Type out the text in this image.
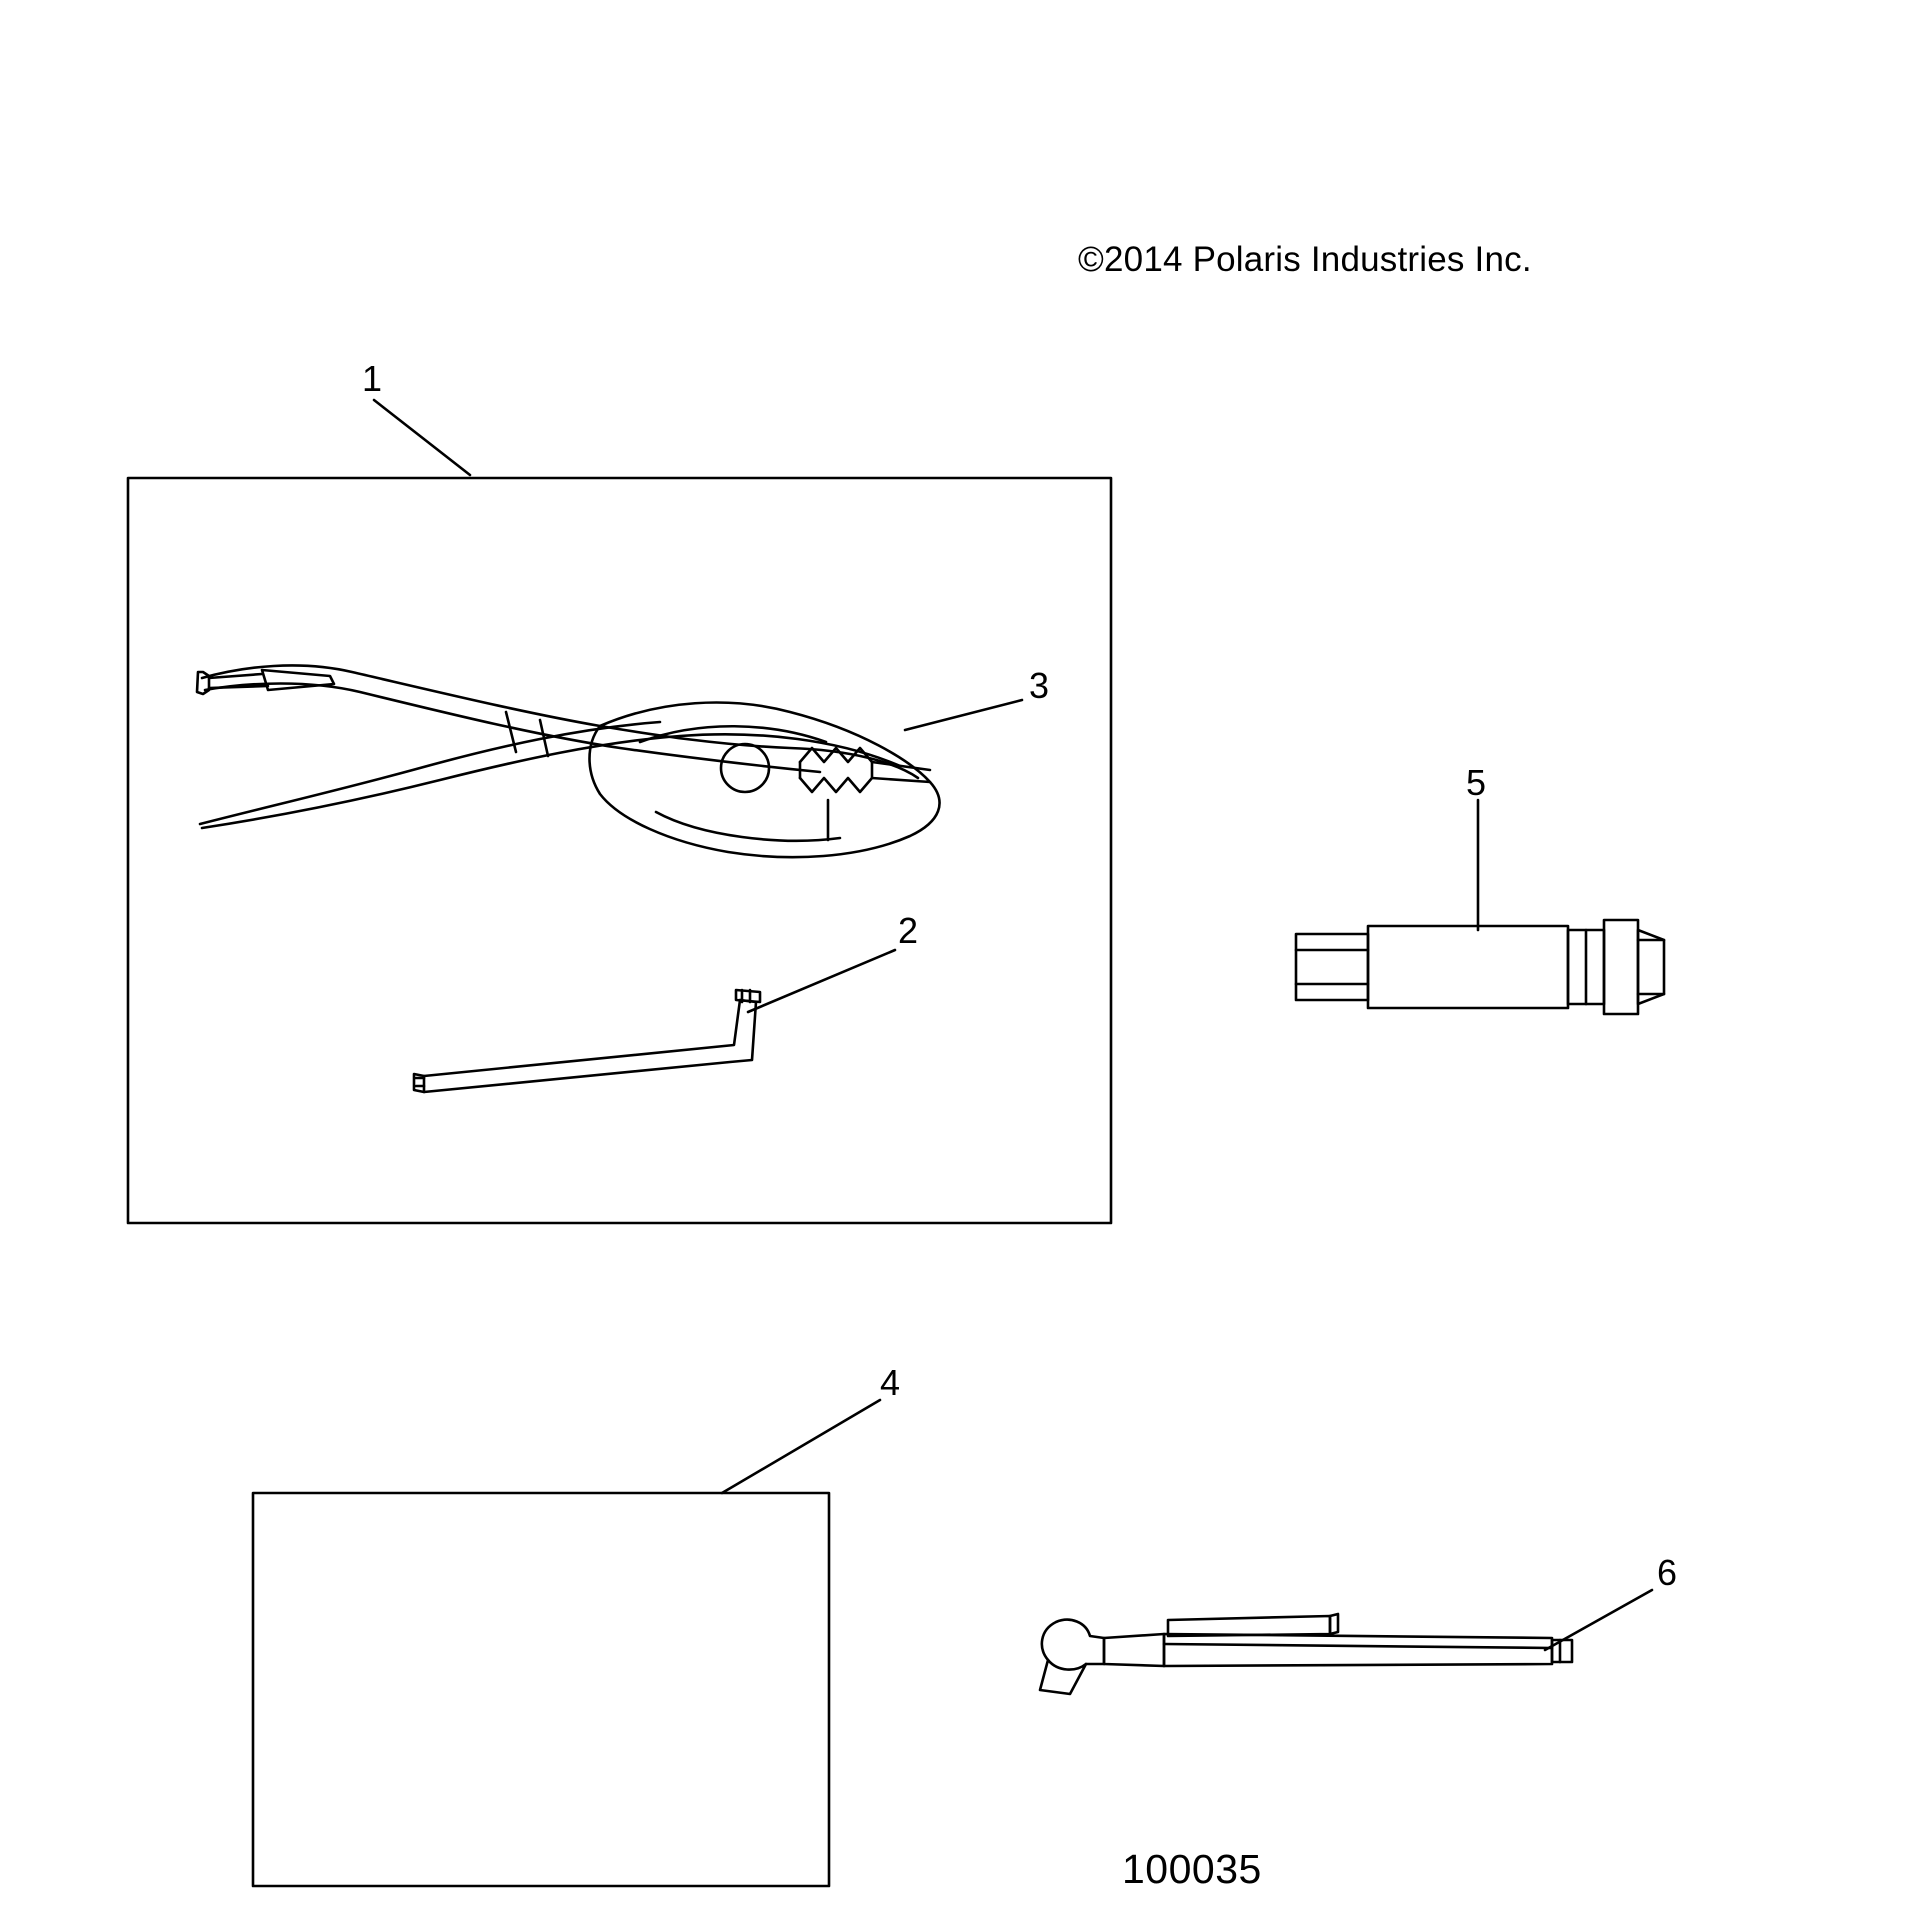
©2014 Polaris Industries Inc.
1
2
3
4
5
6
100035
